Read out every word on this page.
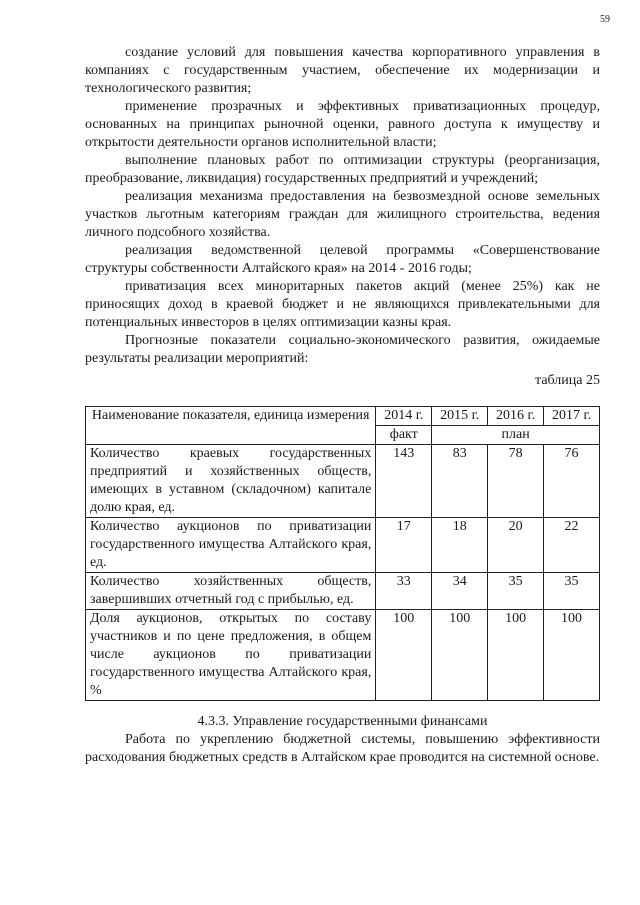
59

создание условий для повышения качества корпоративного управления в компаниях с государственным участием, обеспечение их модернизации и технологического развития;

применение прозрачных и эффективных приватизационных процедур, основанных на принципах рыночной оценки, равного доступа к имуществу и открытости деятельности органов исполнительной власти;

выполнение плановых работ по оптимизации структуры (реорганизация, преобразование, ликвидация) государственных предприятий и учреждений;

реализация механизма предоставления на безвозмездной основе земельных участков льготным категориям граждан для жилищного строительства, ведения личного подсобного хозяйства.

реализация ведомственной целевой программы «Совершенствование структуры собственности Алтайского края» на 2014 - 2016 годы;

приватизация всех миноритарных пакетов акций (менее 25%) как не приносящих доход в краевой бюджет и не являющихся привлекательными для потенциальных инвесторов в целях оптимизации казны края.

Прогнозные показатели социально-экономического развития, ожидаемые результаты реализации мероприятий:

таблица 25
Наименование показателя, единица измерения	2014 г.	2015 г.	2016 г.	2017 г.
	факт	план		
Количество краевых государственных предприятий и хозяйственных обществ, имеющих в уставном (складочном) капитале долю края, ед.	143	83	78	76
Количество аукционов по приватизации государственного имущества Алтайского края, ед.	17	18	20	22
Количество хозяйственных обществ, завершивших отчетный год с прибылью, ед.	33	34	35	35
Доля аукционов, открытых по составу участников и по цене предложения, в общем числе аукционов по приватизации государственного имущества Алтайского края, %	100	100	100	100
4.3.3. Управление государственными финансами

Работа по укреплению бюджетной системы, повышению эффективности расходования бюджетных средств в Алтайском крае проводится на системной основе.
